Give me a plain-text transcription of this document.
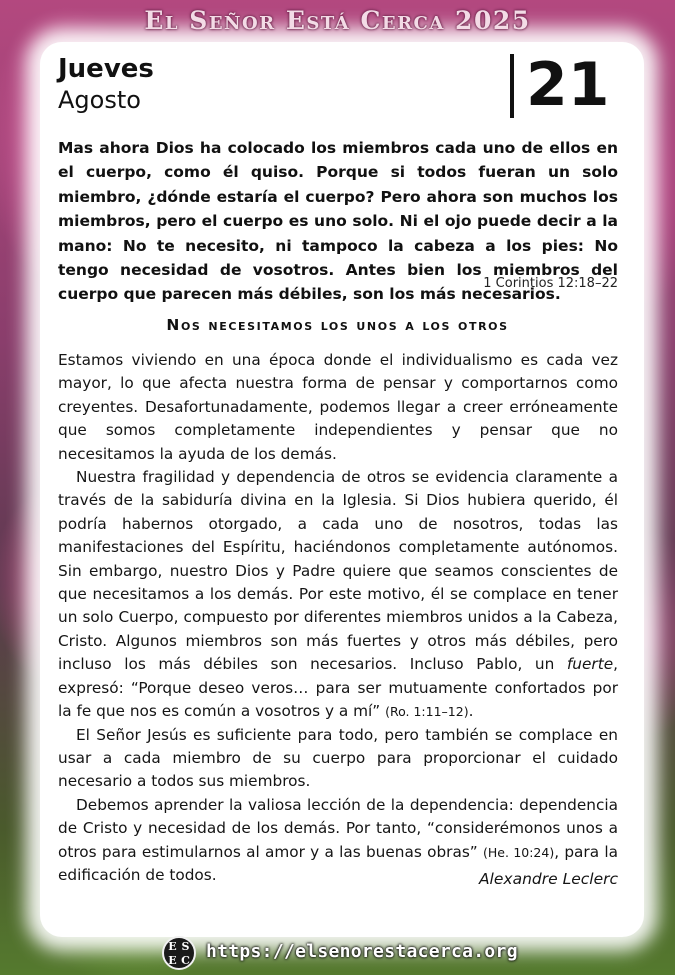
El Señor Está Cerca 2025
Jueves
Agosto	21
Mas ahora Dios ha colocado los miembros cada uno de ellos en el cuerpo, como él quiso. Porque si todos fueran un solo miembro, ¿dónde estaría el cuerpo? Pero ahora son muchos los miembros, pero el cuerpo es uno solo. Ni el ojo puede decir a la mano: No te necesito, ni tampoco la cabeza a los pies: No tengo necesidad de vosotros. Antes bien los miembros del cuerpo que parecen más débiles, son los más necesarios.
1 Corintios 12:18–22
Nos necesitamos los unos a los otros

Estamos viviendo en una época donde el individualismo es cada vez mayor, lo que afecta nuestra forma de pensar y comportarnos como creyentes. Desafortunadamente, podemos llegar a creer erróneamente que somos completamente independientes y pensar que no necesitamos la ayuda de los demás.

Nuestra fragilidad y dependencia de otros se evidencia claramente a través de la sabiduría divina en la Iglesia. Si Dios hubiera querido, él podría habernos otorgado, a cada uno de nosotros, todas las manifestaciones del Espíritu, haciéndonos completamente autónomos. Sin embargo, nuestro Dios y Padre quiere que seamos conscientes de que necesitamos a los demás. Por este motivo, él se complace en tener un solo Cuerpo, compuesto por diferentes miembros unidos a la Cabeza, Cristo. Algunos miembros son más fuertes y otros más débiles, pero incluso los más débiles son necesarios. Incluso Pablo, un fuerte, expresó: “Porque deseo veros… para ser mutuamente confortados por la fe que nos es común a vosotros y a mí” (Ro. 1:11–12).

El Señor Jesús es suficiente para todo, pero también se complace en usar a cada miembro de su cuerpo para proporcionar el cuidado necesario a todos sus miembros.

Debemos aprender la valiosa lección de la dependencia: dependencia de Cristo y necesidad de los demás. Por tanto, “considerémonos unos a otros para estimularnos al amor y a las buenas obras” (He. 10:24), para la edificación de todos.	Alexandre Leclerc
E S
E C https://elsenorestacerca.org
